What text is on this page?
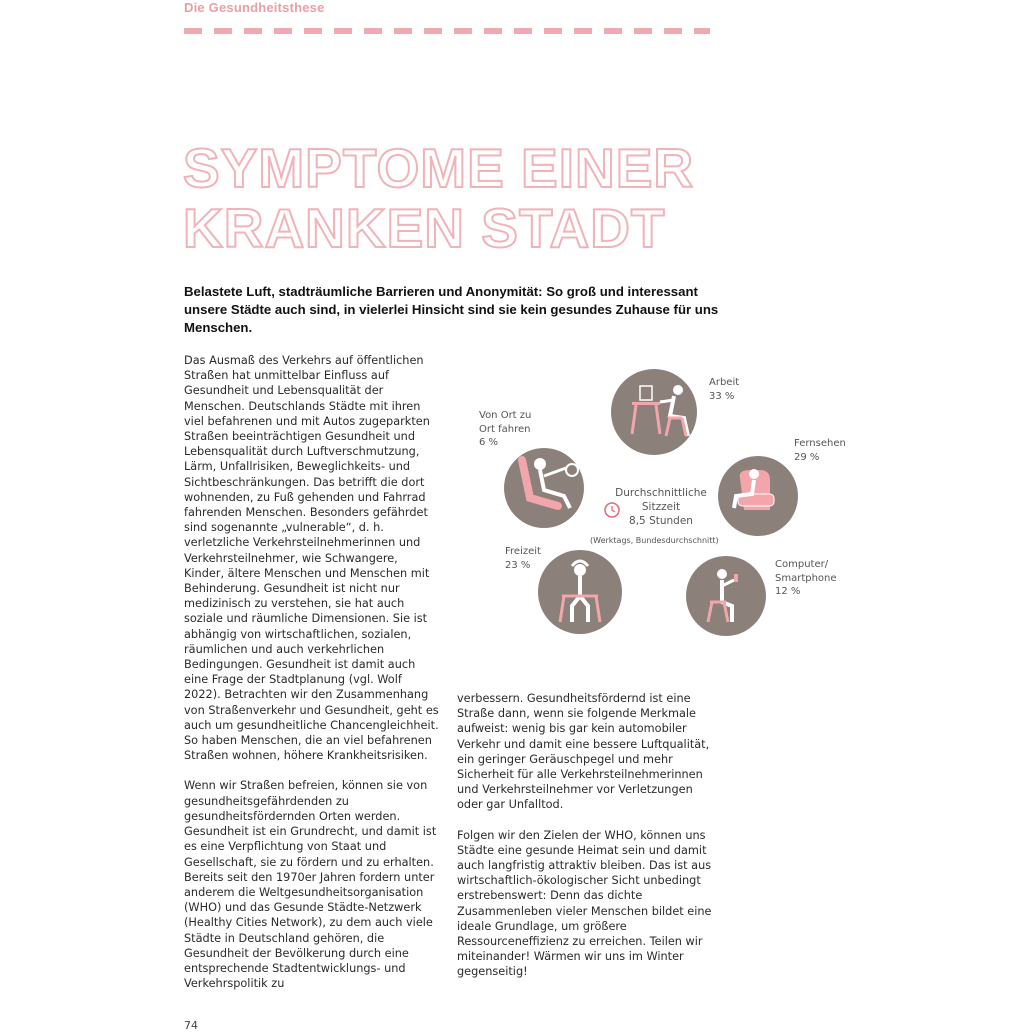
Die Gesundheitsthese
SYMPTOME EINER
KRANKEN STADT

Belastete Luft, stadträumliche Barrieren und Anonymität: So groß und interessant unsere Städte auch sind, in vielerlei Hinsicht sind sie kein gesundes Zuhause für uns Menschen.

Das Ausmaß des Verkehrs auf öffentlichen Straßen hat unmittelbar Einfluss auf Gesundheit und Lebensqualität der Menschen. Deutschlands Städte mit ihren viel befahrenen und mit Autos zugeparkten Straßen beeinträchtigen Gesundheit und Lebensqualität durch Luftverschmutzung, Lärm, Unfallrisiken, Beweglichkeits- und Sichtbeschränkungen. Das betrifft die dort wohnenden, zu Fuß gehenden und Fahrrad fahrenden Menschen. Besonders gefährdet sind sogenannte „vulnerable“, d. h. verletzliche Verkehrsteilnehmerinnen und Verkehrsteilnehmer, wie Schwangere, Kinder, ältere Menschen und Menschen mit Behinderung. Gesundheit ist nicht nur medizinisch zu verstehen, sie hat auch soziale und räumliche Dimensionen. Sie ist abhängig von wirtschaftlichen, sozialen, räumlichen und auch verkehrlichen Bedingungen. Gesundheit ist damit auch eine Frage der Stadtplanung (vgl. Wolf 2022). Betrachten wir den Zusammenhang von Straßenverkehr und Gesundheit, geht es auch um gesundheitliche Chancengleichheit. So haben Menschen, die an viel befahrenen Straßen wohnen, höhere Krankheitsrisiken.

Wenn wir Straßen befreien, können sie von gesundheitsgefährdenden zu gesundheitsfördernden Orten werden. Gesundheit ist ein Grundrecht, und damit ist es eine Verpflichtung von Staat und Gesellschaft, sie zu fördern und zu erhalten. Bereits seit den 1970er Jahren fordern unter anderem die Weltgesundheitsorganisation (WHO) und das Gesunde Städte-Netzwerk (Healthy Cities Network), zu dem auch viele Städte in Deutschland gehören, die Gesundheit der Bevölkerung durch eine entsprechende Stadtentwicklungs- und Verkehrspolitik zu

verbessern. Gesundheitsfördernd ist eine Straße dann, wenn sie folgende Merkmale aufweist: wenig bis gar kein automobiler Verkehr und damit eine bessere Luftqualität, ein geringer Geräuschpegel und mehr Sicherheit für alle Verkehrsteilnehmerinnen und Verkehrsteilnehmer vor Verletzungen oder gar Unfalltod.

Folgen wir den Zielen der WHO, können uns Städte eine gesunde Heimat sein und damit auch langfristig attraktiv bleiben. Das ist aus wirtschaftlich-ökologischer Sicht unbedingt erstrebenswert: Denn das dichte Zusammenleben vieler Menschen bildet eine ideale Grundlage, um größere Ressourceneffizienz zu erreichen. Teilen wir miteinander! Wärmen wir uns im Winter gegenseitig!

Arbeit
33 %
Fernsehen
29 %
Computer/
Smartphone
12 %
Freizeit
23 %
Von Ort zu
Ort fahren
6 %
Durchschnittliche
Sitzzeit
8,5 Stunden
(Werktags, Bundesdurchschnitt)
74
